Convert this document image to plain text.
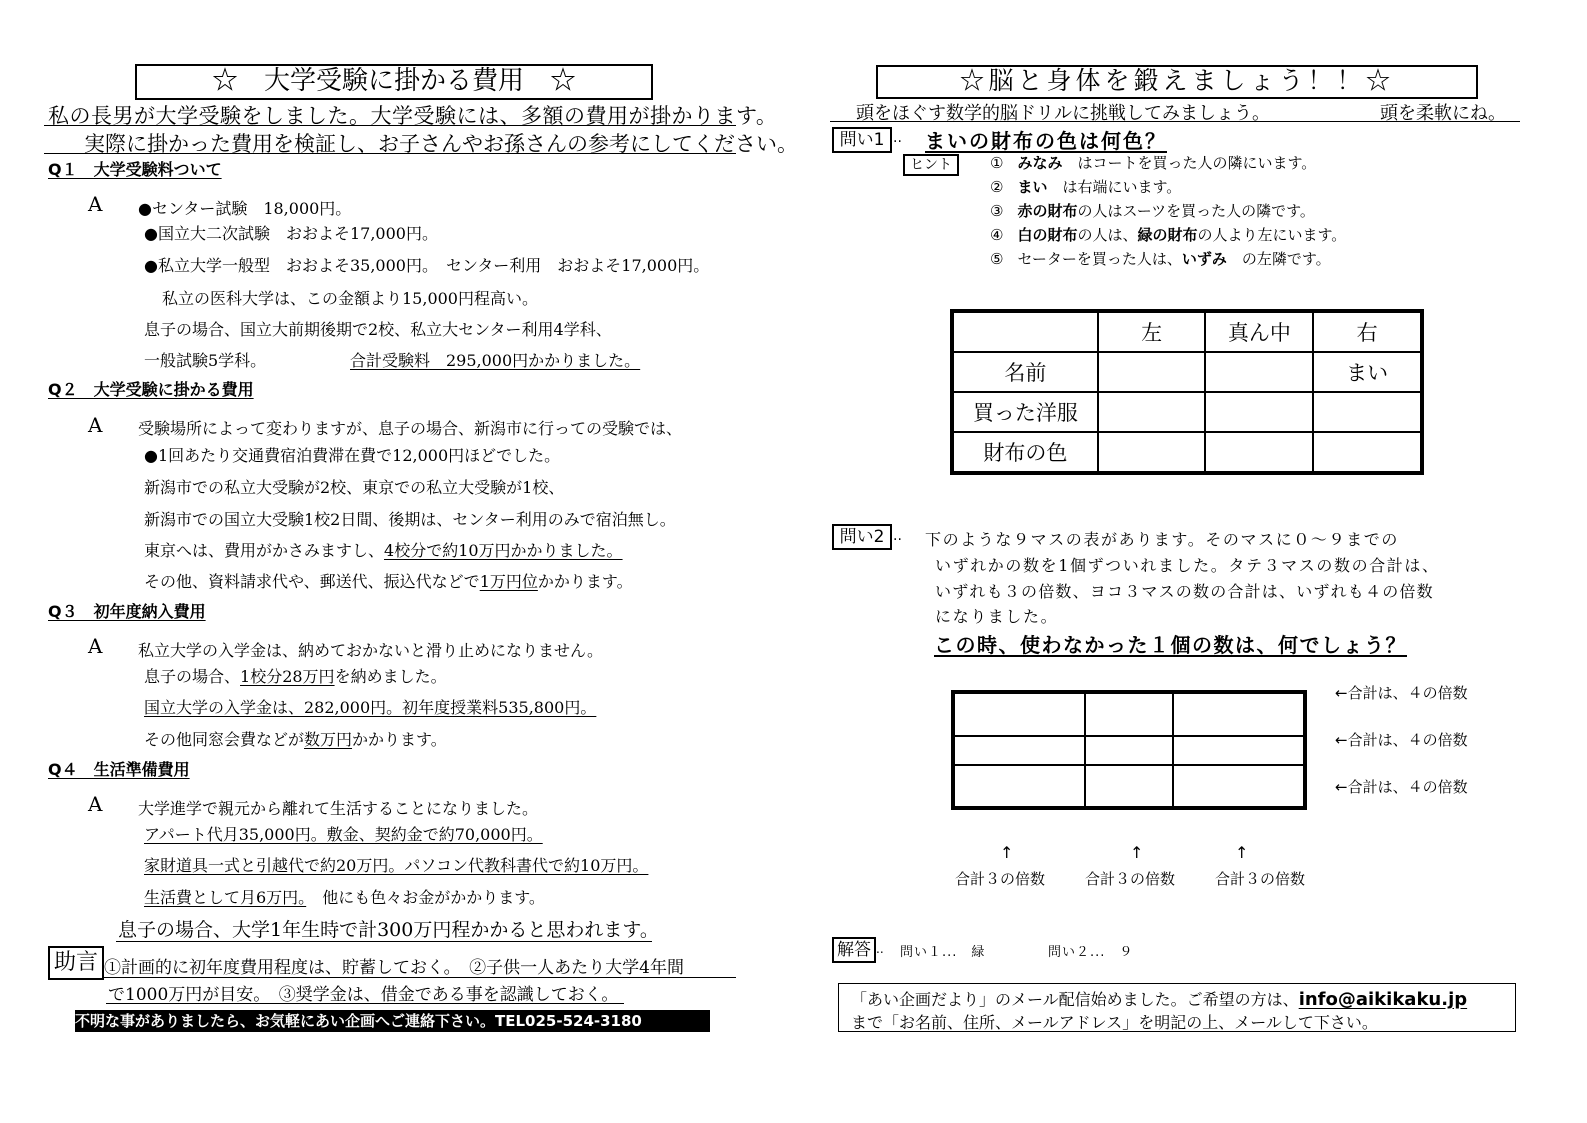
☆　大学受験に掛かる費用　☆
私の長男が大学受験をしました。大学受験には、多額の費用が掛かります。
実際に掛かった費用を検証し、お子さんやお孫さんの参考にしてください。
Q１　大学受験料ついて
A ●センター試験　18,000円。
●国立大二次試験　おおよそ17,000円。
●私立大学一般型　おおよそ35,000円。　センター利用　おおよそ17,000円。
私立の医科大学は、この金額より15,000円程高い。
息子の場合、国立大前期後期で2校、私立大センター利用4学科、
一般試験5学科。	合計受験料　295,000円かかりました。
Q２　大学受験に掛かる費用
A 受験場所によって変わりますが、息子の場合、新潟市に行っての受験では、
●1回あたり交通費宿泊費滞在費で12,000円ほどでした。
新潟市での私立大受験が2校、東京での私立大受験が1校、
新潟市での国立大受験1校2日間、後期は、センター利用のみで宿泊無し。
東京へは、費用がかさみますし、4校分で約10万円かかりました。
その他、資料請求代や、郵送代、振込代などで1万円位かかります。
Q３　初年度納入費用
A 私立大学の入学金は、納めておかないと滑り止めになりません。
息子の場合、1校分28万円を納めました。
国立大学の入学金は、282,000円。初年度授業料535,800円。
その他同窓会費などが数万円かかります。
Q４　生活準備費用
A 大学進学で親元から離れて生活することになりました。
アパート代月35,000円。敷金、契約金で約70,000円。
家財道具一式と引越代で約20万円。パソコン代教科書代で約10万円。
生活費として月6万円。　 他にも色々お金がかかります。
息子の場合、大学1年生時で計300万円程かかると思われます。
助言 ①計画的に初年度費用程度は、貯蓄しておく。　②子供一人あたり大学4年間
で1000万円が目安。　③奨学金は、借金である事を認識しておく。
不明な事がありましたら、お気軽にあい企画へご連絡下さい。TEL025-524-3180
☆脳と身体を鍛えましょう！！☆
頭をほぐす数学的脳ドリルに挑戦してみましょう。	頭を柔軟にね。
問い1 .. まいの財布の色は何色？
ヒント	① みなみ　はコートを買った人の隣にいます。
② まい　は右端にいます。
③ 赤の財布の人はスーツを買った人の隣です。
④ 白の財布の人は、緑の財布の人より左にいます。
⑤ セーターを買った人は、いずみ　の左隣です。
	左	真ん中	右
名前			まい
買った洋服			
財布の色			
問い2 .. 下のような９マスの表があります。そのマスに０～９までの
いずれかの数を1個ずついれました。タテ３マスの数の合計は、
いずれも３の倍数、ヨコ３マスの数の合計は、いずれも４の倍数
になりました。
この時、使わなかった１個の数は、何でしょう？

←合計は、４の倍数
←合計は、４の倍数
←合計は、４の倍数
↑	↑	↑
合計３の倍数	合計３の倍数	合計３の倍数
解答 .. 問い１...　緑	問い２...　９
「あい企画だより」のメール配信始めました。ご希望の方は、info@aikikaku.jp
まで「お名前、住所、メールアドレス」を明記の上、メールして下さい。
